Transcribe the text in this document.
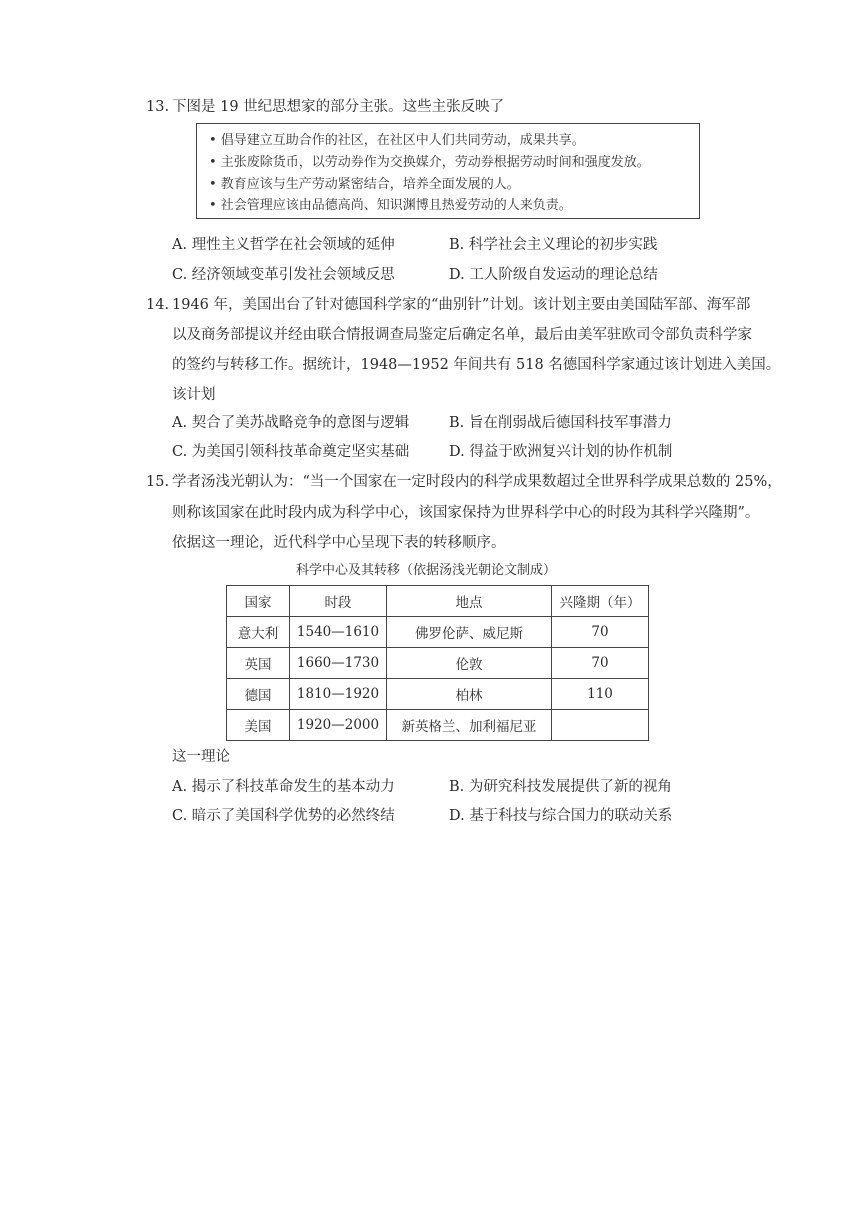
13. 下图是 19 世纪思想家的部分主张。这些主张反映了
• 倡导建立互助合作的社区，在社区中人们共同劳动，成果共享。
• 主张废除货币，以劳动券作为交换媒介，劳动券根据劳动时间和强度发放。
• 教育应该与生产劳动紧密结合，培养全面发展的人。
• 社会管理应该由品德高尚、知识渊博且热爱劳动的人来负责。
A. 理性主义哲学在社会领域的延伸	B. 科学社会主义理论的初步实践
C. 经济领域变革引发社会领域反思	D. 工人阶级自发运动的理论总结
14. 1946 年，美国出台了针对德国科学家的“曲别针”计划。该计划主要由美国陆军部、海军部
以及商务部提议并经由联合情报调查局鉴定后确定名单，最后由美军驻欧司令部负责科学家
的签约与转移工作。据统计，1948—1952 年间共有 518 名德国科学家通过该计划进入美国。
该计划
A. 契合了美苏战略竞争的意图与逻辑	B. 旨在削弱战后德国科技军事潜力
C. 为美国引领科技革命奠定坚实基础	D. 得益于欧洲复兴计划的协作机制
15. 学者汤浅光朝认为：“当一个国家在一定时段内的科学成果数超过全世界科学成果总数的 25%，
则称该国家在此时段内成为科学中心，该国家保持为世界科学中心的时段为其科学兴隆期”。
依据这一理论，近代科学中心呈现下表的转移顺序。
科学中心及其转移（依据汤浅光朝论文制成）
国家	时段	地点	兴隆期（年）
意大利	1540—1610	佛罗伦萨、威尼斯	70
英国	1660—1730	伦敦	70
德国	1810—1920	柏林	110
美国	1920—2000	新英格兰、加利福尼亚	
这一理论
A. 揭示了科技革命发生的基本动力	B. 为研究科技发展提供了新的视角
C. 暗示了美国科学优势的必然终结	D. 基于科技与综合国力的联动关系
